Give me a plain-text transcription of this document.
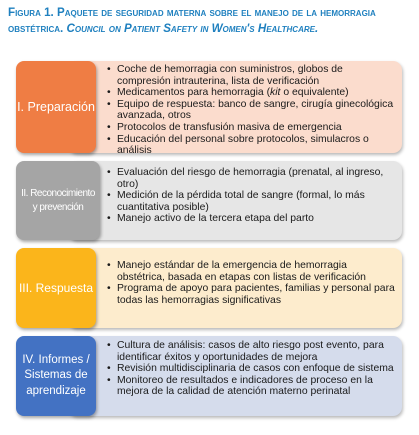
Figura 1. Paquete de seguridad materna sobre el manejo de la hemorragia obstétrica. Council on Patient Safety in Women's Healthcare.
I. Preparación
• Coche de hemorragia con suministros, globos de compresión intrauterina, lista de verificación
• Medicamentos para hemorragia (kit o equivalente)
• Equipo de respuesta: banco de sangre, cirugía ginecológica avanzada, otros
• Protocolos de transfusión masiva de emergencia
• Educación del personal sobre protocolos, simulacros o análisis
II. Reconocimiento y prevención
• Evaluación del riesgo de hemorragia (prenatal, al ingreso, otro)
• Medición de la pérdida total de sangre (formal, lo más cuantitativa posible)
• Manejo activo de la tercera etapa del parto
III. Respuesta
• Manejo estándar de la emergencia de hemorragia obstétrica, basada en etapas con listas de verificación
• Programa de apoyo para pacientes, familias y personal para todas las hemorragias significativas
IV. Informes / Sistemas de aprendizaje
• Cultura de análisis: casos de alto riesgo post evento, para identificar éxitos y oportunidades de mejora
• Revisión multidisciplinaria de casos con enfoque de sistema
• Monitoreo de resultados e indicadores de proceso en la mejora de la calidad de atención materno perinatal
